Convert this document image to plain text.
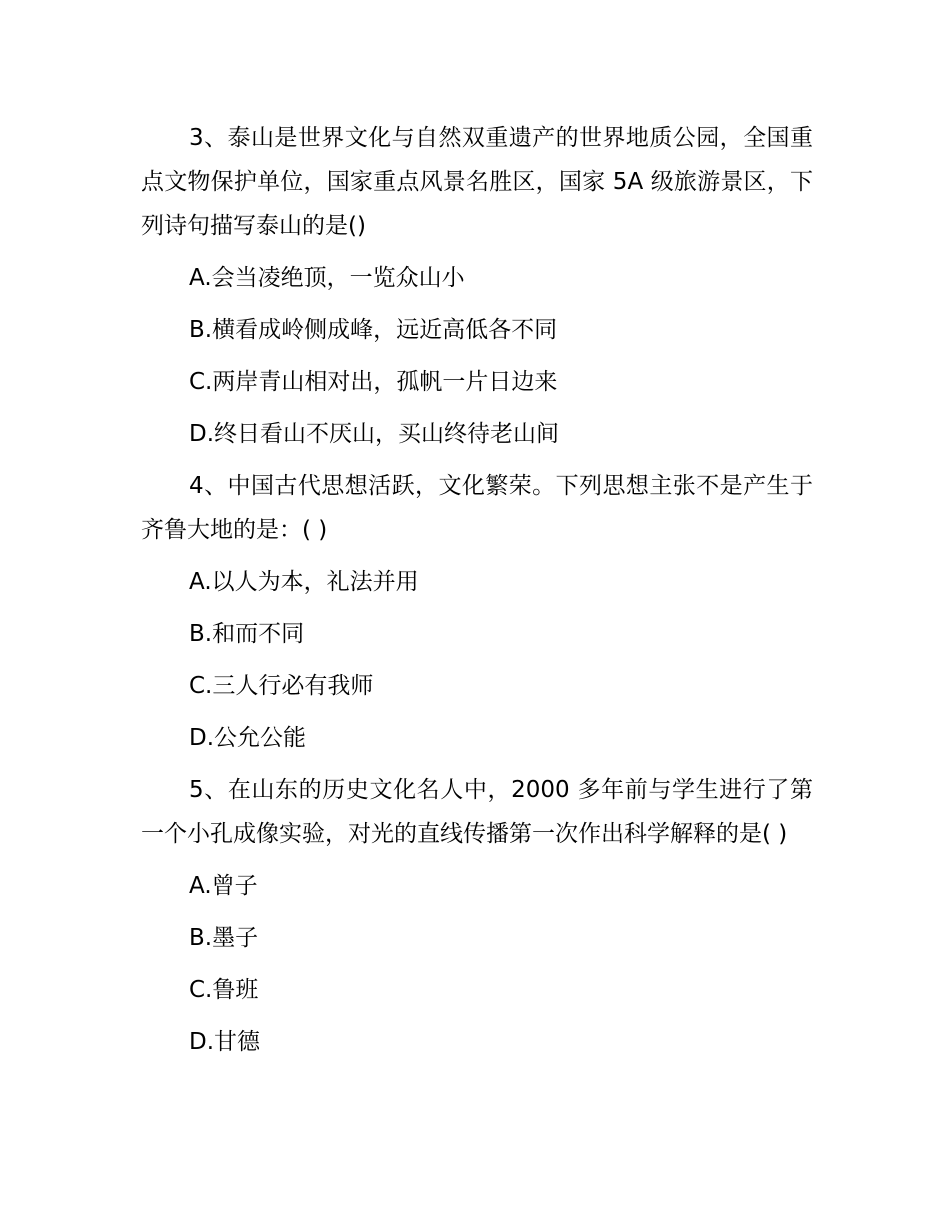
3、泰山是世界文化与自然双重遗产的世界地质公园，全国重点文物保护单位，国家重点风景名胜区，国家 5A 级旅游景区，下列诗句描写泰山的是()

A.会当凌绝顶，一览众山小

B.横看成岭侧成峰，远近高低各不同

C.两岸青山相对出，孤帆一片日边来

D.终日看山不厌山，买山终待老山间

4、中国古代思想活跃，文化繁荣。下列思想主张不是产生于齐鲁大地的是：( )

A.以人为本，礼法并用

B.和而不同

C.三人行必有我师

D.公允公能

5、在山东的历史文化名人中，2000 多年前与学生进行了第一个小孔成像实验，对光的直线传播第一次作出科学解释的是( )

A.曾子

B.墨子

C.鲁班

D.甘德
